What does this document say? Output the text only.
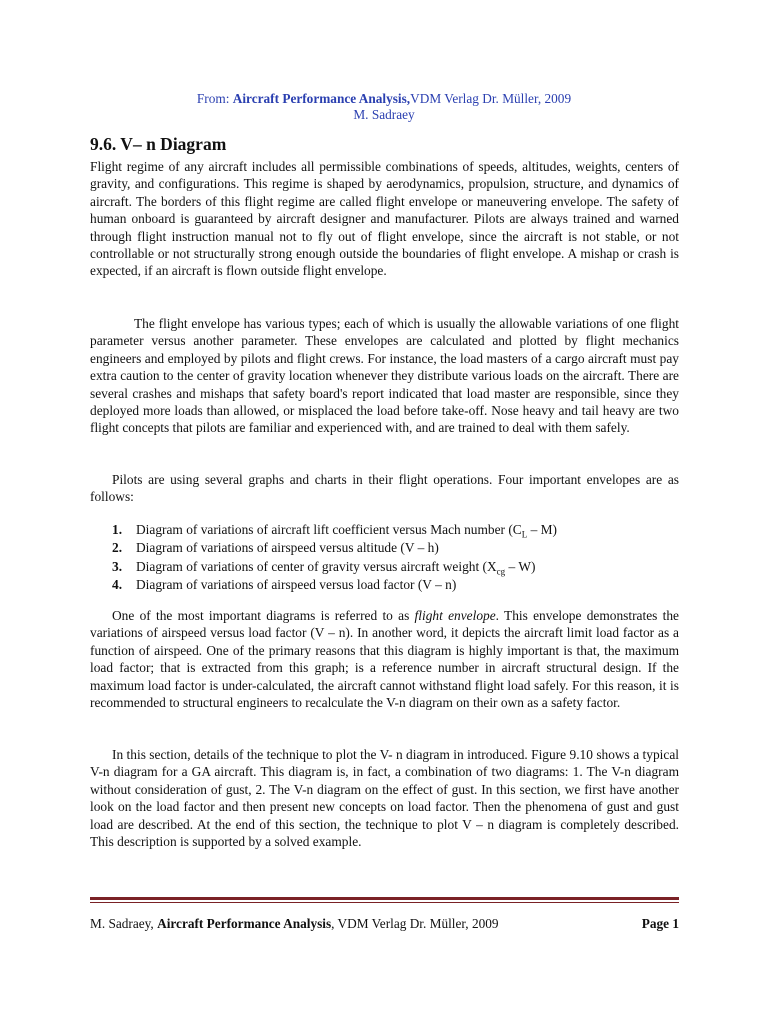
From: Aircraft Performance Analysis,VDM Verlag Dr. Müller, 2009
M. Sadraey
9.6. V– n Diagram

Flight regime of any aircraft includes all permissible combinations of speeds, altitudes, weights, centers of gravity, and configurations. This regime is shaped by aerodynamics, propulsion, structure, and dynamics of aircraft. The borders of this flight regime are called flight envelope or maneuvering envelope. The safety of human onboard is guaranteed by aircraft designer and manufacturer. Pilots are always trained and warned through flight instruction manual not to fly out of flight envelope, since the aircraft is not stable, or not controllable or not structurally strong enough outside the boundaries of flight envelope. A mishap or crash is expected, if an aircraft is flown outside flight envelope.

The flight envelope has various types; each of which is usually the allowable variations of one flight parameter versus another parameter. These envelopes are calculated and plotted by flight mechanics engineers and employed by pilots and flight crews. For instance, the load masters of a cargo aircraft must pay extra caution to the center of gravity location whenever they distribute various loads on the aircraft. There are several crashes and mishaps that safety board's report indicated that load master are responsible, since they deployed more loads than allowed, or misplaced the load before take-off. Nose heavy and tail heavy are two flight concepts that pilots are familiar and experienced with, and are trained to deal with them safely.

Pilots are using several graphs and charts in their flight operations. Four important envelopes are as follows:

1.	Diagram of variations of aircraft lift coefficient versus Mach number $(C_L - M)$
2.	Diagram of variations of airspeed versus altitude (V – h)
3.	Diagram of variations of center of gravity versus aircraft weight $(X_{cg} - W)$
4.	Diagram of variations of airspeed versus load factor (V – n)

One of the most important diagrams is referred to as flight envelope. This envelope demonstrates the variations of airspeed versus load factor (V – n). In another word, it depicts the aircraft limit load factor as a function of airspeed. One of the primary reasons that this diagram is highly important is that, the maximum load factor; that is extracted from this graph; is a reference number in aircraft structural design. If the maximum load factor is under-calculated, the aircraft cannot withstand flight load safely. For this reason, it is recommended to structural engineers to recalculate the V-n diagram on their own as a safety factor.

In this section, details of the technique to plot the V- n diagram in introduced. Figure 9.10 shows a typical V-n diagram for a GA aircraft. This diagram is, in fact, a combination of two diagrams: 1. The V-n diagram without consideration of gust, 2. The V-n diagram on the effect of gust. In this section, we first have another look on the load factor and then present new concepts on load factor. Then the phenomena of gust and gust load are described. At the end of this section, the technique to plot V – n diagram is completely described. This description is supported by a solved example.

M. Sadraey, Aircraft Performance Analysis, VDM Verlag Dr. Müller, 2009	Page 1
